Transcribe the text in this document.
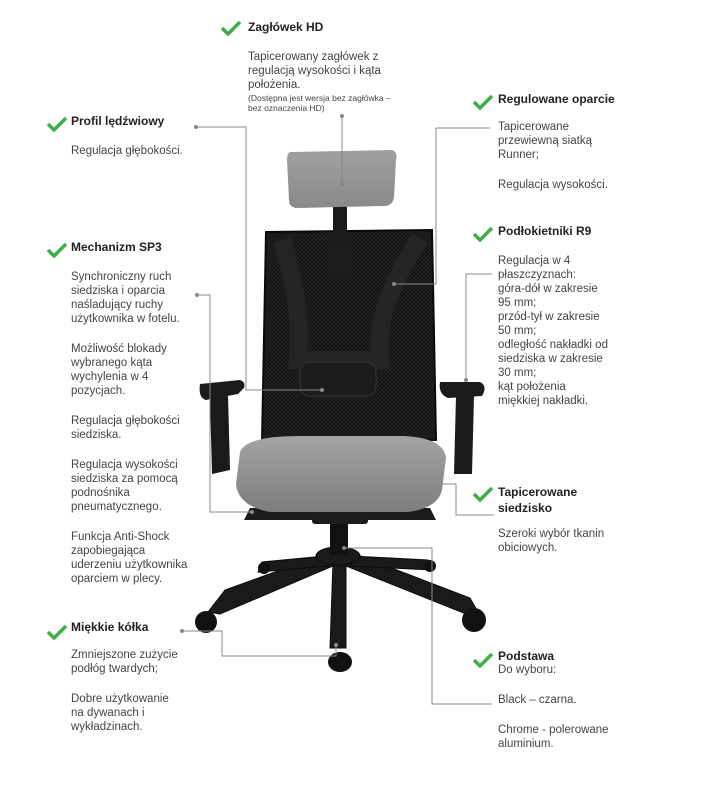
Zagłówek HD
Tapicerowany zagłówek z
regulacją wysokości i kąta
położenia.
(Dostępna jest wersja bez zagłówka –
bez oznaczenia HD)
Profil lędźwiowy
Regulacja głębokości.
Mechanizm SP3
Synchroniczny ruch
siedziska i oparcia
naśladujący ruchy
użytkownika w fotelu.
Możliwość blokady
wybranego kąta
wychylenia w 4
pozycjach.
Regulacja głębokości
siedziska.
Regulacja wysokości
siedziska za pomocą
podnośnika
pneumatycznego.
Funkcja Anti-Shock
zapobiegająca
uderzeniu użytkownika
oparciem w plecy.
Miękkie kółka
Zmniejszone zużycie
podłóg twardych;
Dobre użytkowanie
na dywanach i
wykładzinach.
Regulowane oparcie
Tapicerowane
przewiewną siatką
Runner;
Regulacja wysokości.
Podłokietniki R9
Regulacja w 4
płaszczyznach:
góra-dół w zakresie
95 mm;
przód-tył w zakresie
50 mm;
odległość nakładki od
siedziska w zakresie
30 mm;
kąt położenia
miękkiej nakładki.
Tapicerowane
siedzisko
Szeroki wybór tkanin
obiciowych.
Podstawa
Do wyboru:
Black – czarna.
Chrome - polerowane
aluminium.
